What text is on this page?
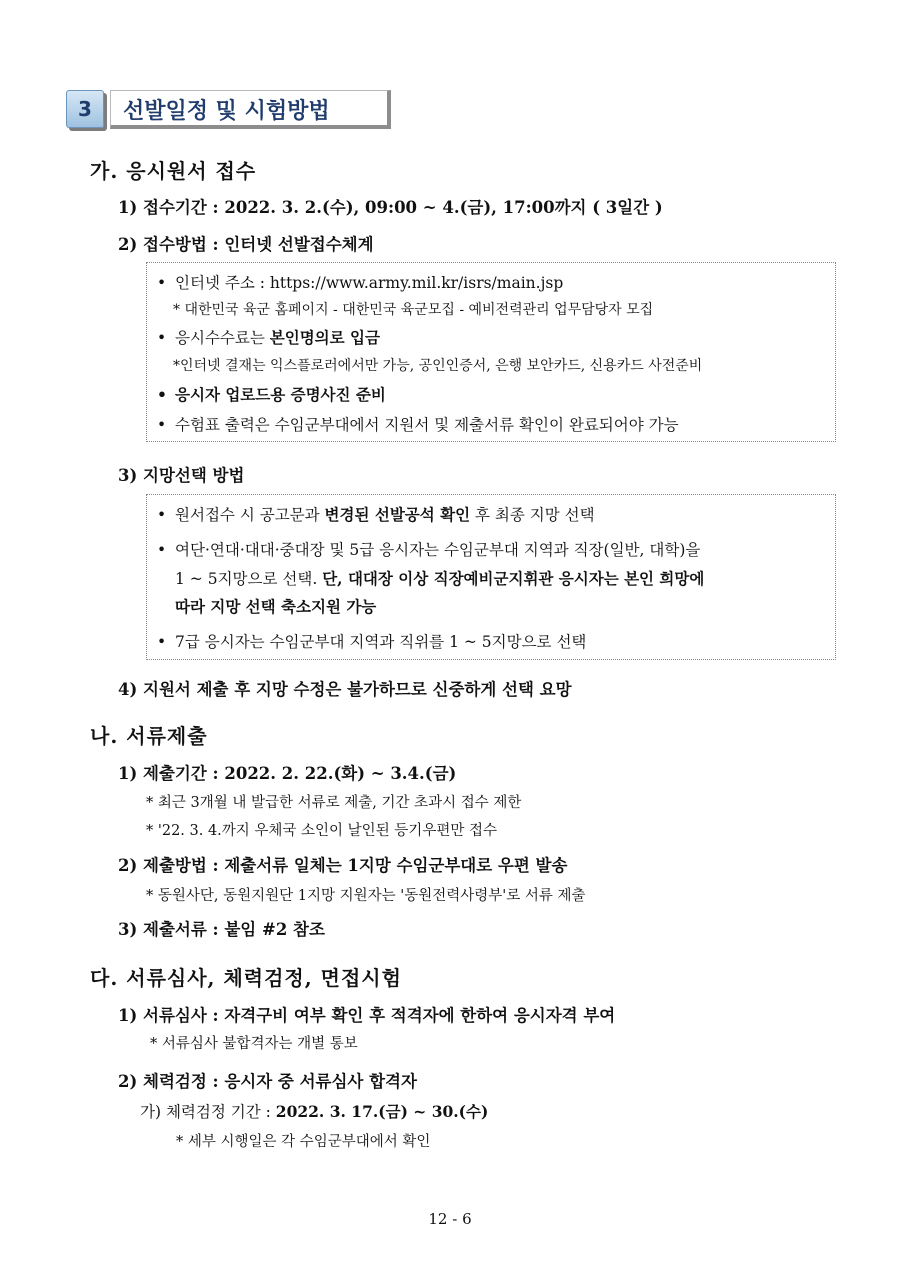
3	선발일정 및 시험방법
가. 응시원서 접수
1) 접수기간 : 2022. 3. 2.(수), 09:00 ~ 4.(금), 17:00까지 ( 3일간 )
2) 접수방법 : 인터넷 선발접수체계
• 인터넷 주소 : https://www.army.mil.kr/isrs/main.jsp
* 대한민국 육군 홈페이지 - 대한민국 육군모집 - 예비전력관리 업무담당자 모집
• 응시수수료는 본인명의로 입금
*인터넷 결재는 익스플로러에서만 가능, 공인인증서, 은행 보안카드, 신용카드 사전준비
• 응시자 업로드용 증명사진 준비
• 수험표 출력은 수임군부대에서 지원서 및 제출서류 확인이 완료되어야 가능
3) 지망선택 방법
• 원서접수 시 공고문과 변경된 선발공석 확인 후 최종 지망 선택
• 여단·연대·대대·중대장 및 5급 응시자는 수임군부대 지역과 직장(일반, 대학)을
1 ~ 5지망으로 선택. 단, 대대장 이상 직장예비군지휘관 응시자는 본인 희망에
따라 지망 선택 축소지원 가능
• 7급 응시자는 수임군부대 지역과 직위를 1 ~ 5지망으로 선택
4) 지원서 제출 후 지망 수정은 불가하므로 신중하게 선택 요망
나. 서류제출
1) 제출기간 : 2022. 2. 22.(화) ~ 3.4.(금)
* 최근 3개월 내 발급한 서류로 제출, 기간 초과시 접수 제한
* '22. 3. 4.까지 우체국 소인이 날인된 등기우편만 접수
2) 제출방법 : 제출서류 일체는 1지망 수임군부대로 우편 발송
* 동원사단, 동원지원단 1지망 지원자는 '동원전력사령부'로 서류 제출
3) 제출서류 : 붙임 #2 참조
다. 서류심사, 체력검정, 면접시험
1) 서류심사 : 자격구비 여부 확인 후 적격자에 한하여 응시자격 부여
* 서류심사 불합격자는 개별 통보
2) 체력검정 : 응시자 중 서류심사 합격자
가) 체력검정 기간 : 2022. 3. 17.(금) ~ 30.(수)
* 세부 시행일은 각 수임군부대에서 확인
12 - 6
